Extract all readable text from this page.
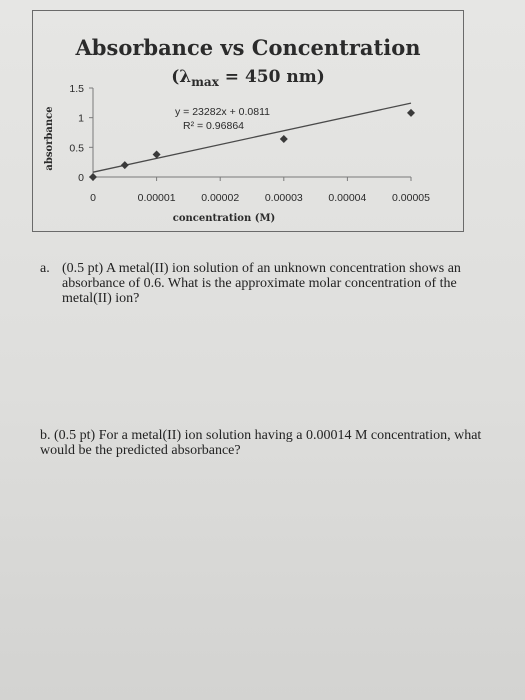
Absorbance vs Concentration
($\lambda_{max} = 450$ nm)
0
0.5
1
1.5
0	0.00001 0.00002 0.00003 0.00004 0.00005
concentration (M)
absorbance	y = 23282x + 0.0811
R² = 0.96864
a. (0.5 pt) A metal(II) ion solution of an unknown concentration shows an
absorbance of 0.6. What is the approximate molar concentration of the
metal(II) ion?
b. (0.5 pt) For a metal(II) ion solution having a 0.00014 M concentration, what
would be the predicted absorbance?
